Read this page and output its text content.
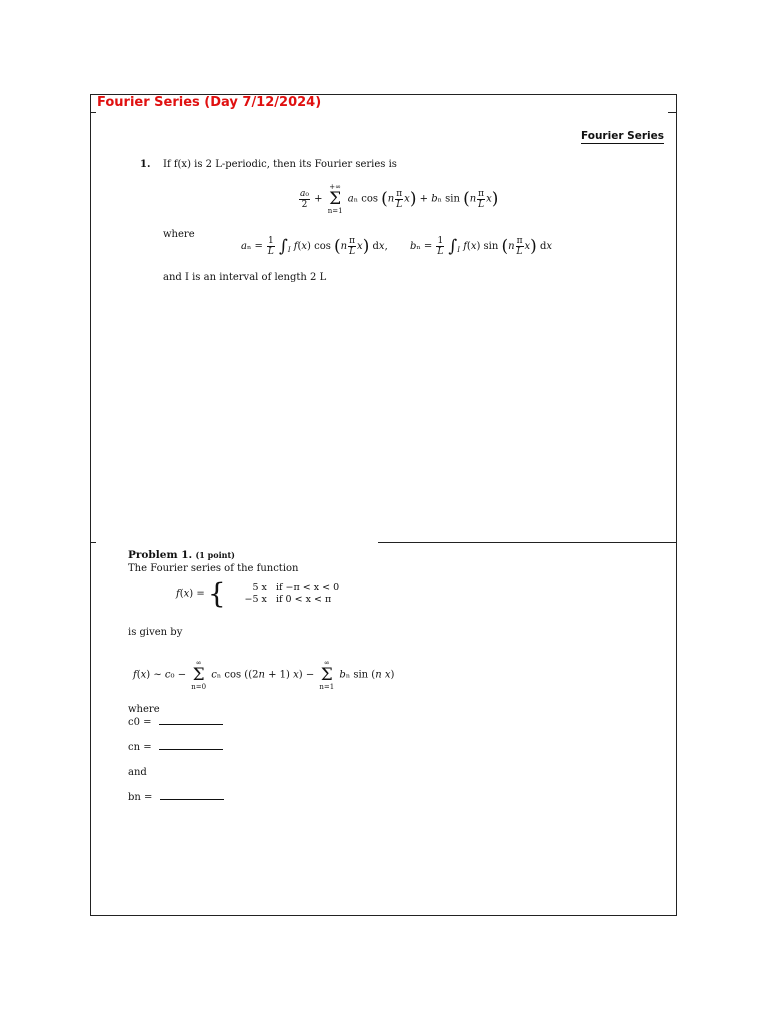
Fourier Series (Day 7/12/2024)
Fourier Series
1. If f(x) is 2 L-periodic, then its Fourier series is
$\frac{\text{a₀}}{2}$ +
+∞
Σ
n=1
aₙ $\cos (n \frac{\pi}{L} x) + b_n$ $\sin (n \frac{\pi}{L} x)$
where
$a_n = \frac{1}{L} \int_I$ f(x) $\cos (n \frac{\pi}{L} x)$ dx, $b_n = \frac{1}{L} \int_I$ f(x) $\sin (n \frac{\pi}{L} x)$ dx
and I is an interval of length 2 L
Problem 1. (1 point)
The Fourier series of the function
f(x) = {	5 x if −π < x < 0
−5 x if 0 < x < π
is given by
f(x) ∼ c₀ −
∞
Σ
n=0
cₙ cos ((2n + 1) x) −
∞
Σ
n=1
bₙ sin (n x)
where
c0 =
cn =
and
bn =
